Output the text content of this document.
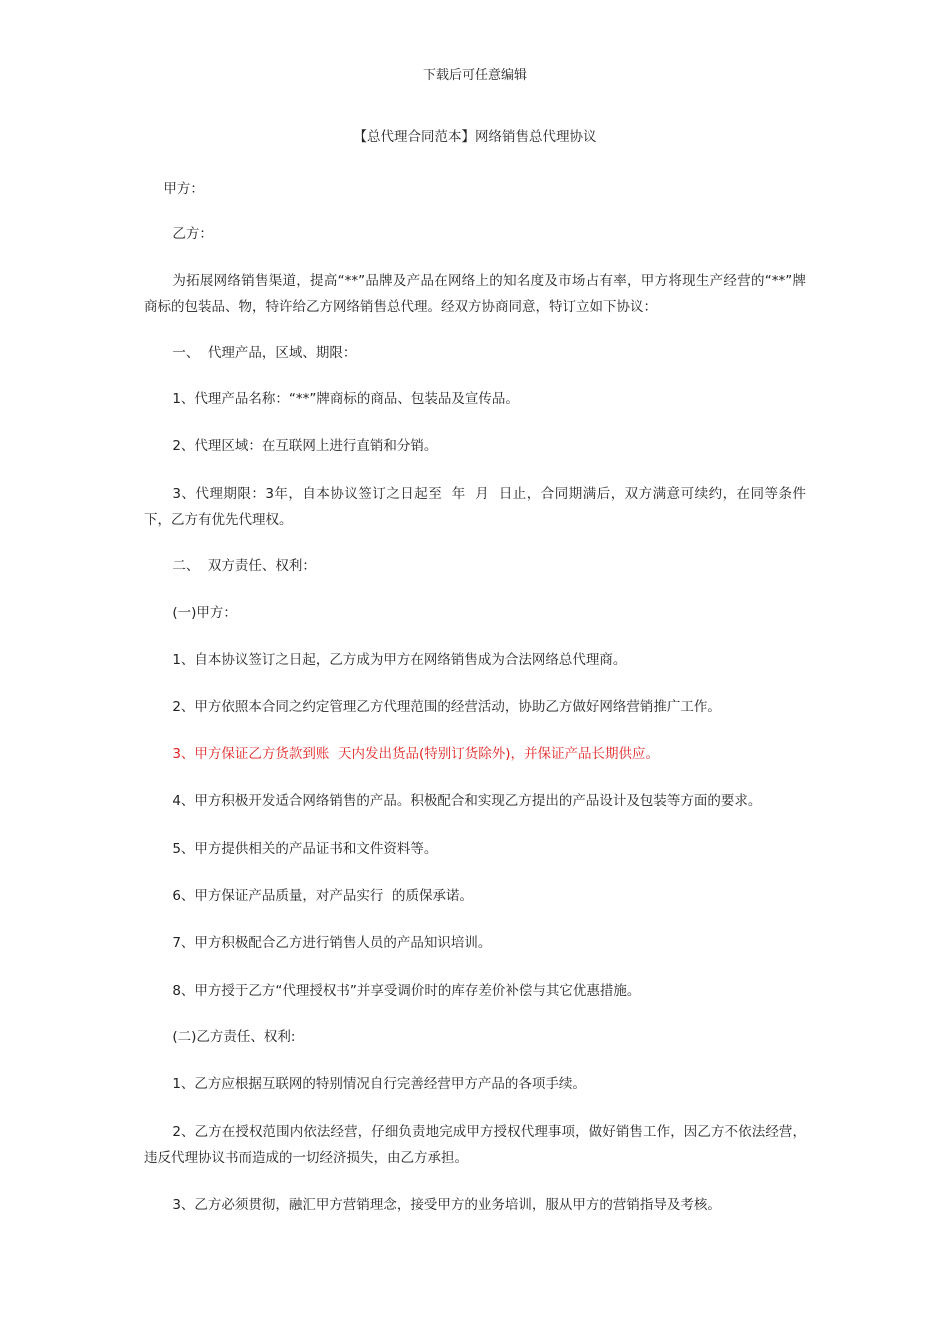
下载后可任意编辑
【总代理合同范本】网络销售总代理协议

甲方：

乙方：

为拓展网络销售渠道，提高“**”品牌及产品在网络上的知名度及市场占有率，甲方将现生产经营的“**”牌商标的包装品、物，特许给乙方网络销售总代理。经双方协商同意，特订立如下协议：

一、  代理产品，区域、期限：

1、代理产品名称：“**”牌商标的商品、包装品及宣传品。

2、代理区域：在互联网上进行直销和分销。

3、代理期限：3年，自本协议签订之日起至  年  月  日止，合同期满后，双方满意可续约，在同等条件下，乙方有优先代理权。

二、  双方责任、权利：

(一)甲方：

1、自本协议签订之日起，乙方成为甲方在网络销售成为合法网络总代理商。

2、甲方依照本合同之约定管理乙方代理范围的经营活动，协助乙方做好网络营销推广工作。

3、甲方保证乙方货款到账  天内发出货品(特别订货除外)，并保证产品长期供应。

4、甲方积极开发适合网络销售的产品。积极配合和实现乙方提出的产品设计及包装等方面的要求。

5、甲方提供相关的产品证书和文件资料等。

6、甲方保证产品质量，对产品实行  的质保承诺。

7、甲方积极配合乙方进行销售人员的产品知识培训。

8、甲方授于乙方“代理授权书”并享受调价时的库存差价补偿与其它优惠措施。

(二)乙方责任、权利:

1、乙方应根据互联网的特别情况自行完善经营甲方产品的各项手续。

2、乙方在授权范围内依法经营，仔细负责地完成甲方授权代理事项，做好销售工作，因乙方不依法经营，违反代理协议书而造成的一切经济损失，由乙方承担。

3、乙方必须贯彻，融汇甲方营销理念，接受甲方的业务培训，服从甲方的营销指导及考核。
